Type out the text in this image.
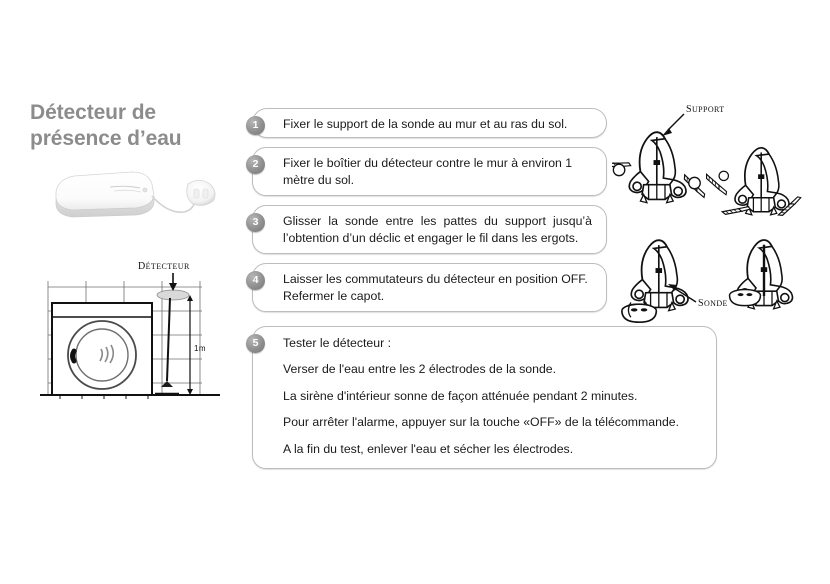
Détecteur de
présence d’eau
1m
DÉTECTEUR
1	Fixer le support de la sonde au mur et au ras du sol.

2	Fixer le boîtier du détecteur contre le mur à environ 1 mètre du sol.

3	Glisser la sonde entre les pattes du support jusqu’à l’obtention d’un déclic et engager le fil dans les ergots.

4	Laisser les commutateurs du détecteur en position OFF. Refermer le capot.

5	Tester le détecteur :

Verser de l'eau entre les 2 électrodes de la sonde.

La sirène d'intérieur sonne de façon atténuée pendant 2 minutes.

Pour arrêter l'alarme, appuyer sur la touche «OFF» de la télécommande.

A la fin du test, enlever l'eau et sécher les électrodes.

SUPPORT
SONDE
